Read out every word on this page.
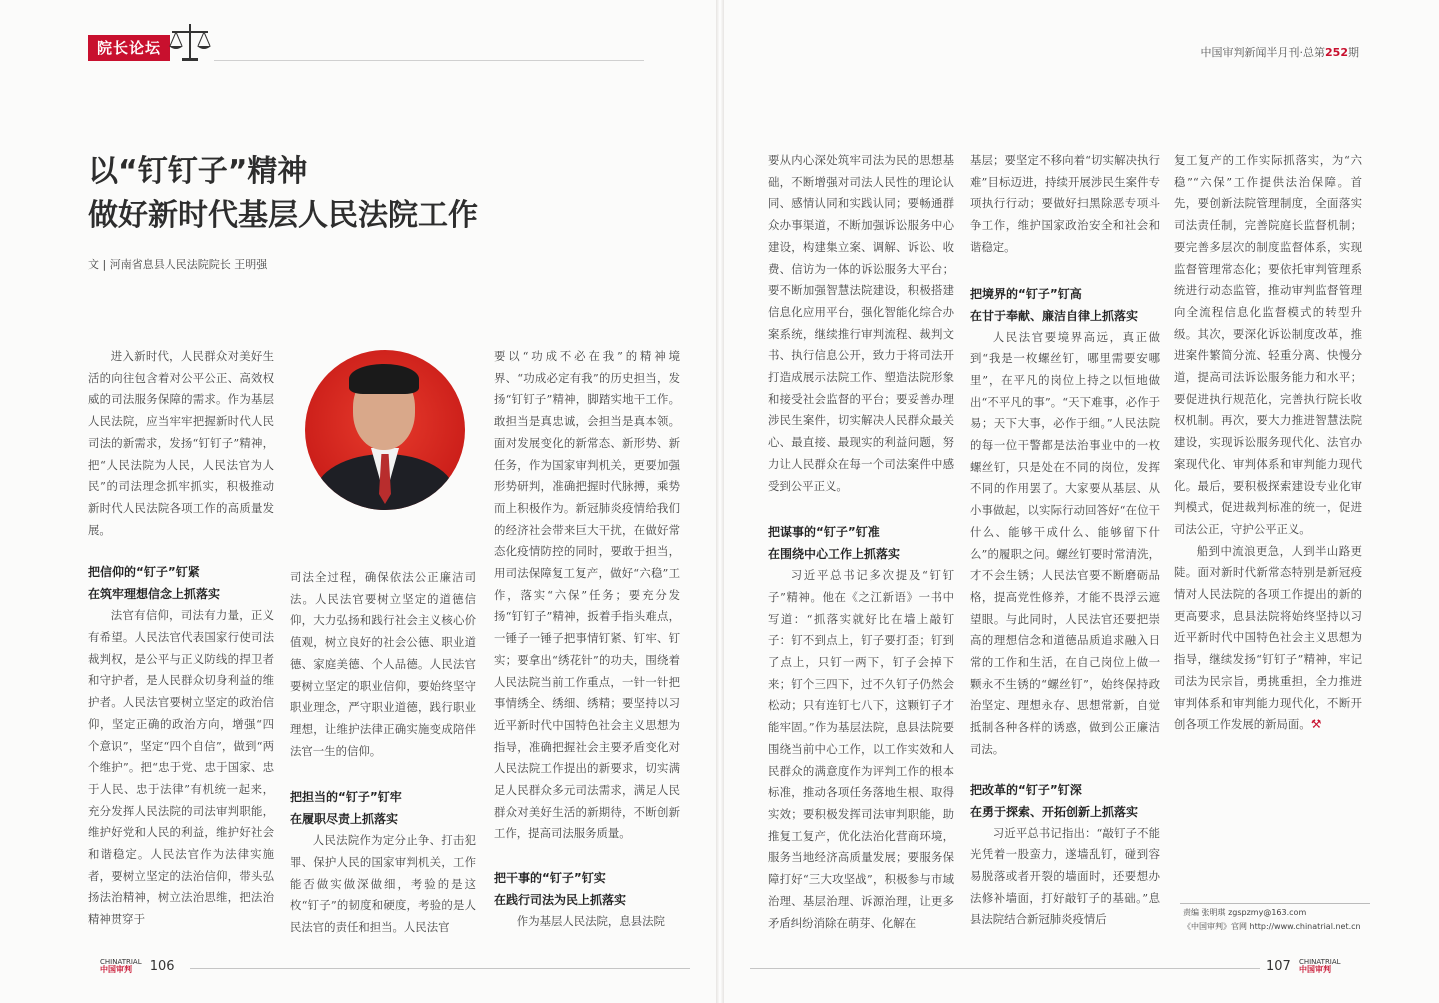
院长论坛	中国审判新闻半月刊·总第252期
以“钉钉子”精神
做好新时代基层人民法院工作
文 | 河南省息县人民法院院长 王明强

进入新时代，人民群众对美好生活的向往包含着对公平公正、高效权威的司法服务保障的需求。作为基层人民法院，应当牢牢把握新时代人民司法的新需求，发扬“钉钉子”精神，把“人民法院为人民，人民法官为人民”的司法理念抓牢抓实，积极推动新时代人民法院各项工作的高质量发展。

把信仰的“钉子”钉紧
在筑牢理想信念上抓落实

法官有信仰，司法有力量，正义有希望。人民法官代表国家行使司法裁判权，是公平与正义防线的捍卫者和守护者，是人民群众切身利益的维护者。人民法官要树立坚定的政治信仰，坚定正确的政治方向，增强“四个意识”，坚定“四个自信”，做到“两个维护”。把“忠于党、忠于国家、忠于人民、忠于法律”有机统一起来，充分发挥人民法院的司法审判职能，维护好党和人民的利益，维护好社会和谐稳定。人民法官作为法律实施者，要树立坚定的法治信仰，带头弘扬法治精神，树立法治思维，把法治精神贯穿于

司法全过程，确保依法公正廉洁司法。人民法官要树立坚定的道德信仰，大力弘扬和践行社会主义核心价值观，树立良好的社会公德、职业道德、家庭美德、个人品德。人民法官要树立坚定的职业信仰，要始终坚守职业理念，严守职业道德，践行职业理想，让维护法律正确实施变成陪伴法官一生的信仰。

把担当的“钉子”钉牢
在履职尽责上抓落实

人民法院作为定分止争、打击犯罪、保护人民的国家审判机关，工作能否做实做深做细，考验的是这枚“钉子”的韧度和硬度，考验的是人民法官的责任和担当。人民法官

要以“功成不必在我”的精神境界、“功成必定有我”的历史担当，发扬“钉钉子”精神，脚踏实地干工作。敢担当是真忠诚，会担当是真本领。面对发展变化的新常态、新形势、新任务，作为国家审判机关，更要加强形势研判，准确把握时代脉搏，乘势而上积极作为。新冠肺炎疫情给我们的经济社会带来巨大干扰，在做好常态化疫情防控的同时，要敢于担当，用司法保障复工复产，做好“六稳”工作，落实“六保”任务；要充分发扬“钉钉子”精神，扳着手指头难点，一锤子一锤子把事情钉紧、钉牢、钉实；要拿出“绣花针”的功夫，围绕着人民法院当前工作重点，一针一针把事情绣全、绣细、绣精；要坚持以习近平新时代中国特色社会主义思想为指导，准确把握社会主要矛盾变化对人民法院工作提出的新要求，切实满足人民群众多元司法需求，满足人民群众对美好生活的新期待，不断创新工作，提高司法服务质量。

把干事的“钉子”钉实
在践行司法为民上抓落实

作为基层人民法院，息县法院

要从内心深处筑牢司法为民的思想基础，不断增强对司法人民性的理论认同、感情认同和实践认同；要畅通群众办事渠道，不断加强诉讼服务中心建设，构建集立案、调解、诉讼、收费、信访为一体的诉讼服务大平台；要不断加强智慧法院建设，积极搭建信息化应用平台，强化智能化综合办案系统，继续推行审判流程、裁判文书、执行信息公开，致力于将司法开打造成展示法院工作、塑造法院形象和接受社会监督的平台；要妥善办理涉民生案件，切实解决人民群众最关心、最直接、最现实的利益问题，努力让人民群众在每一个司法案件中感受到公平正义。

把谋事的“钉子”钉准
在围绕中心工作上抓落实

习近平总书记多次提及“钉钉子”精神。他在《之江新语》一书中写道：“抓落实就好比在墙上敲钉子：钉不到点上，钉子要打歪；钉到了点上，只钉一两下，钉子会掉下来；钉个三四下，过不久钉子仍然会松动；只有连钉七八下，这颗钉子才能牢固。”作为基层法院，息县法院要围绕当前中心工作，以工作实效和人民群众的满意度作为评判工作的根本标准，推动各项任务落地生根、取得实效；要积极发挥司法审判职能，助推复工复产，优化法治化营商环境，服务当地经济高质量发展；要服务保障打好“三大攻坚战”，积极参与市域治理、基层治理、诉源治理，让更多矛盾纠纷消除在萌芽、化解在

基层；要坚定不移向着“切实解决执行难”目标迈进，持续开展涉民生案件专项执行行动；要做好扫黑除恶专项斗争工作，维护国家政治安全和社会和谐稳定。

把境界的“钉子”钉高
在甘于奉献、廉洁自律上抓落实

人民法官要境界高远，真正做到“我是一枚螺丝钉，哪里需要安哪里”，在平凡的岗位上持之以恒地做出“不平凡的事”。“天下难事，必作于易；天下大事，必作于细。”人民法院的每一位干警都是法治事业中的一枚螺丝钉，只是处在不同的岗位，发挥不同的作用罢了。大家要从基层、从小事做起，以实际行动回答好“在位干什么、能够干成什么、能够留下什么”的履职之问。螺丝钉要时常清洗，才不会生锈；人民法官要不断磨砺品格，提高党性修养，才能不畏浮云遮望眼。与此同时，人民法官还要把崇高的理想信念和道德品质追求融入日常的工作和生活，在自己岗位上做一颗永不生锈的“螺丝钉”，始终保持政治坚定、理想永存、思想常新，自觉抵制各种各样的诱惑，做到公正廉洁司法。

把改革的“钉子”钉深
在勇于探索、开拓创新上抓落实

习近平总书记指出：“敲钉子不能光凭着一股蛮力，遂墙乱钉，碰到容易脱落或者开裂的墙面时，还要想办法修补墙面，打好敲钉子的基础。”息县法院结合新冠肺炎疫情后

复工复产的工作实际抓落实，为“六稳”“六保”工作提供法治保障。首先，要创新法院管理制度，全面落实司法责任制，完善院庭长监督机制；要完善多层次的制度监督体系，实现监督管理常态化；要依托审判管理系统进行动态监管，推动审判监督管理向全流程信息化监督模式的转型升级。其次，要深化诉讼制度改革，推进案件繁简分流、轻重分离、快慢分道，提高司法诉讼服务能力和水平；要促进执行规范化，完善执行院长收权机制。再次，要大力推进智慧法院建设，实现诉讼服务现代化、法官办案现代化、审判体系和审判能力现代化。最后，要积极探索建设专业化审判模式，促进裁判标准的统一，促进司法公正，守护公平正义。

船到中流浪更急，人到半山路更陡。面对新时代新常态特别是新冠疫情对人民法院的各项工作提出的新的更高要求，息县法院将始终坚持以习近平新时代中国特色社会主义思想为指导，继续发扬“钉钉子”精神，牢记司法为民宗旨，勇挑重担，全力推进审判体系和审判能力现代化，不断开创各项工作发展的新局面。⚒

责编 张明琪 zgspzmy@163.com
《中国审判》官网 http://www.chinatrial.net.cn
CHINATRIAL
中国审判 106	107 CHINATRIAL
中国审判
